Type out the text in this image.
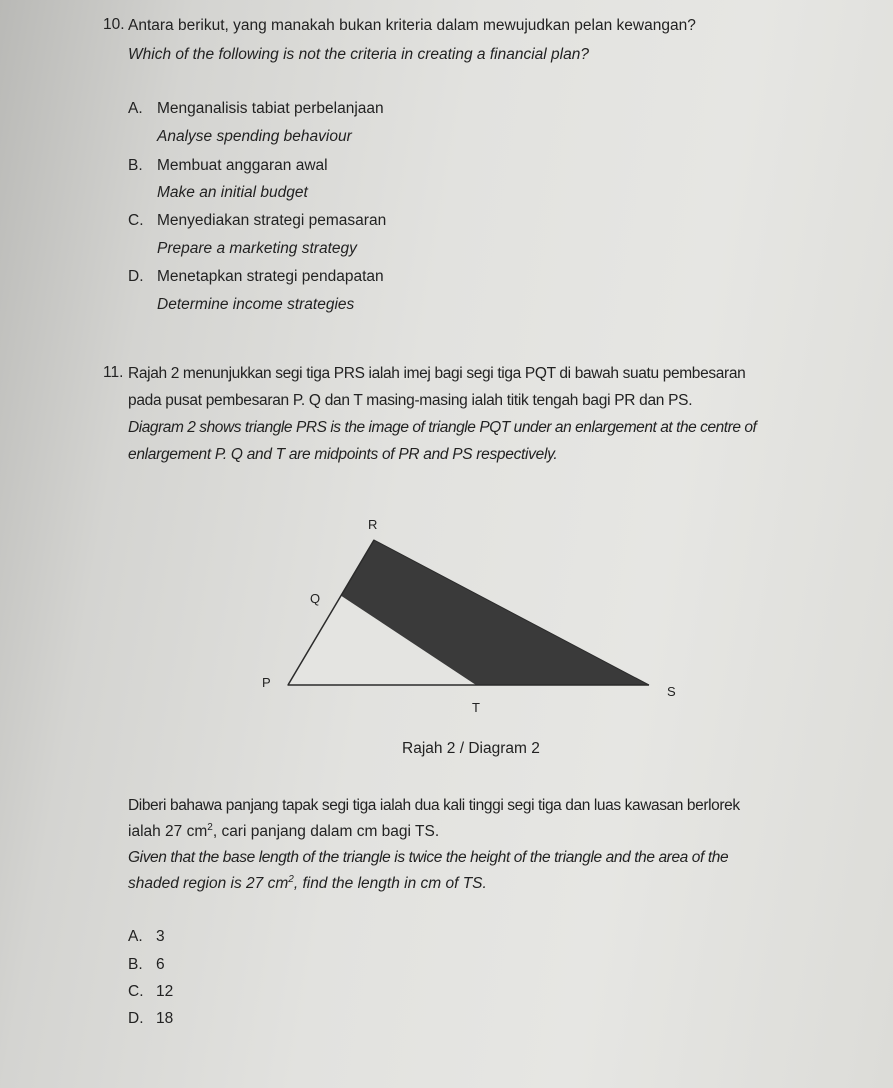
10. Antara berikut, yang manakah bukan kriteria dalam mewujudkan pelan kewangan?
Which of the following is not the criteria in creating a financial plan?
A. Menganalisis tabiat perbelanjaan
Analyse spending behaviour
B. Membuat anggaran awal
Make an initial budget
C. Menyediakan strategi pemasaran
Prepare a marketing strategy
D. Menetapkan strategi pendapatan
Determine income strategies
11. Rajah 2 menunjukkan segi tiga PRS ialah imej bagi segi tiga PQT di bawah suatu pembesaran
pada pusat pembesaran P. Q dan T masing-masing ialah titik tengah bagi PR dan PS.
Diagram 2 shows triangle PRS is the image of triangle PQT under an enlargement at the centre of
enlargement P. Q and T are midpoints of PR and PS respectively.
R
Q
P
S
T
Rajah 2 / Diagram 2
Diberi bahawa panjang tapak segi tiga ialah dua kali tinggi segi tiga dan luas kawasan berlorek
ialah 27 $cm^2$, cari panjang dalam cm bagi TS.
Given that the base length of the triangle is twice the height of the triangle and the area of the
shaded region is 27 $cm^2$, find the length in cm of TS.
A. 3
B. 6
C. 12
D. 18
